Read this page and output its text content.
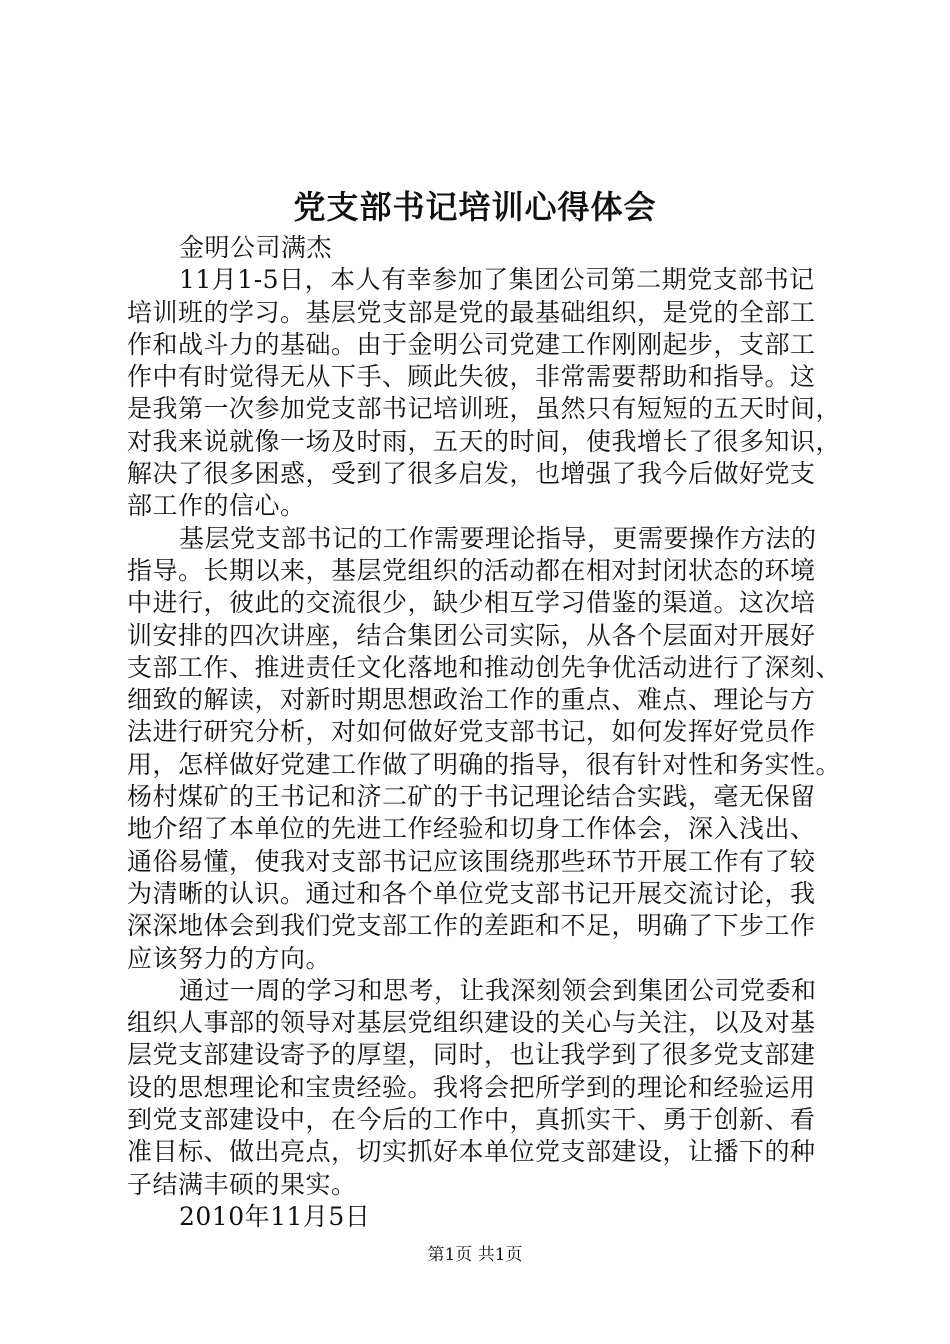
党支部书记培训心得体会
金明公司满杰
11月1-5日，本人有幸参加了集团公司第二期党支部书记
培训班的学习。基层党支部是党的最基础组织，是党的全部工
作和战斗力的基础。由于金明公司党建工作刚刚起步，支部工
作中有时觉得无从下手、顾此失彼，非常需要帮助和指导。这
是我第一次参加党支部书记培训班，虽然只有短短的五天时间，
对我来说就像一场及时雨，五天的时间，使我增长了很多知识，
解决了很多困惑，受到了很多启发，也增强了我今后做好党支
部工作的信心。
基层党支部书记的工作需要理论指导，更需要操作方法的
指导。长期以来，基层党组织的活动都在相对封闭状态的环境
中进行，彼此的交流很少，缺少相互学习借鉴的渠道。这次培
训安排的四次讲座，结合集团公司实际，从各个层面对开展好
支部工作、推进责任文化落地和推动创先争优活动进行了深刻、
细致的解读，对新时期思想政治工作的重点、难点、理论与方
法进行研究分析，对如何做好党支部书记，如何发挥好党员作
用，怎样做好党建工作做了明确的指导，很有针对性和务实性。
杨村煤矿的王书记和济二矿的于书记理论结合实践，毫无保留
地介绍了本单位的先进工作经验和切身工作体会，深入浅出、
通俗易懂，使我对支部书记应该围绕那些环节开展工作有了较
为清晰的认识。通过和各个单位党支部书记开展交流讨论，我
深深地体会到我们党支部工作的差距和不足，明确了下步工作
应该努力的方向。
通过一周的学习和思考，让我深刻领会到集团公司党委和
组织人事部的领导对基层党组织建设的关心与关注，以及对基
层党支部建设寄予的厚望，同时，也让我学到了很多党支部建
设的思想理论和宝贵经验。我将会把所学到的理论和经验运用
到党支部建设中，在今后的工作中，真抓实干、勇于创新、看
准目标、做出亮点，切实抓好本单位党支部建设，让播下的种
子结满丰硕的果实。
2010年11月5日
第1页 共1页
